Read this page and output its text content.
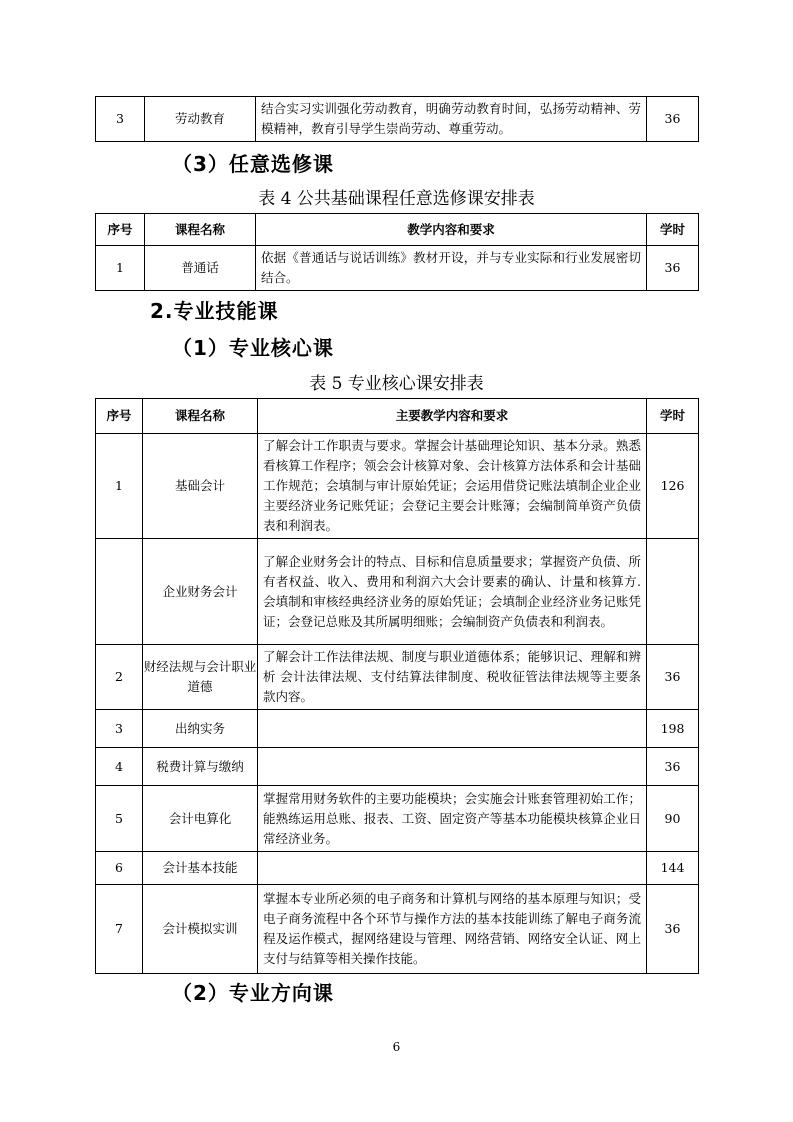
3	劳动教育	结合实习实训强化劳动教育，明确劳动教育时间，弘扬劳动精神、劳模精神，教育引导学生崇尚劳动、尊重劳动。	36
（3）任意选修课

表 4 公共基础课程任意选修课安排表

序号	课程名称	教学内容和要求	学时
1	普通话	依据《普通话与说话训练》教材开设，并与专业实际和行业发展密切结合。	36
2.专业技能课
（1）专业核心课

表 5 专业核心课安排表

序号	课程名称	主要教学内容和要求	学时
1	基础会计	了解会计工作职责与要求。掌握会计基础理论知识、基本分录。熟悉看核算工作程序；领会会计核算对象、会计核算方法体系和会计基础工作规范；会填制与审计原始凭证；会运用借贷记账法填制企业企业主要经济业务记账凭证；会登记主要会计账簿；会编制简单资产负债表和利润表。	126
	企业财务会计	了解企业财务会计的特点、目标和信息质量要求；掌握资产负债、所有者权益、收入、费用和利润六大会计要素的确认、计量和核算方. 会填制和审核经典经济业务的原始凭证；会填制企业经济业务记账凭证；会登记总账及其所属明细账；会编制资产负债表和利润表。	
2	财经法规与会计职业道德	了解会计工作法律法规、制度与职业道德体系；能够识记、理解和辨析 会计法律法规、支付结算法律制度、税收征管法律法规等主要条款内容。	36
3	出纳实务		198
4	税费计算与缴纳		36
5	会计电算化	掌握常用财务软件的主要功能模块；会实施会计账套管理初始工作；能熟练运用总账、报表、工资、固定资产等基本功能模块核算企业日常经济业务。	90
6	会计基本技能		144
7	会计模拟实训	掌握本专业所必须的电子商务和计算机与网络的基本原理与知识；受电子商务流程中各个环节与操作方法的基本技能训练了解电子商务流程及运作模式，握网络建设与管理、网络营销、网络安全认证、网上支付与结算等相关操作技能。	36
（2）专业方向课
6
